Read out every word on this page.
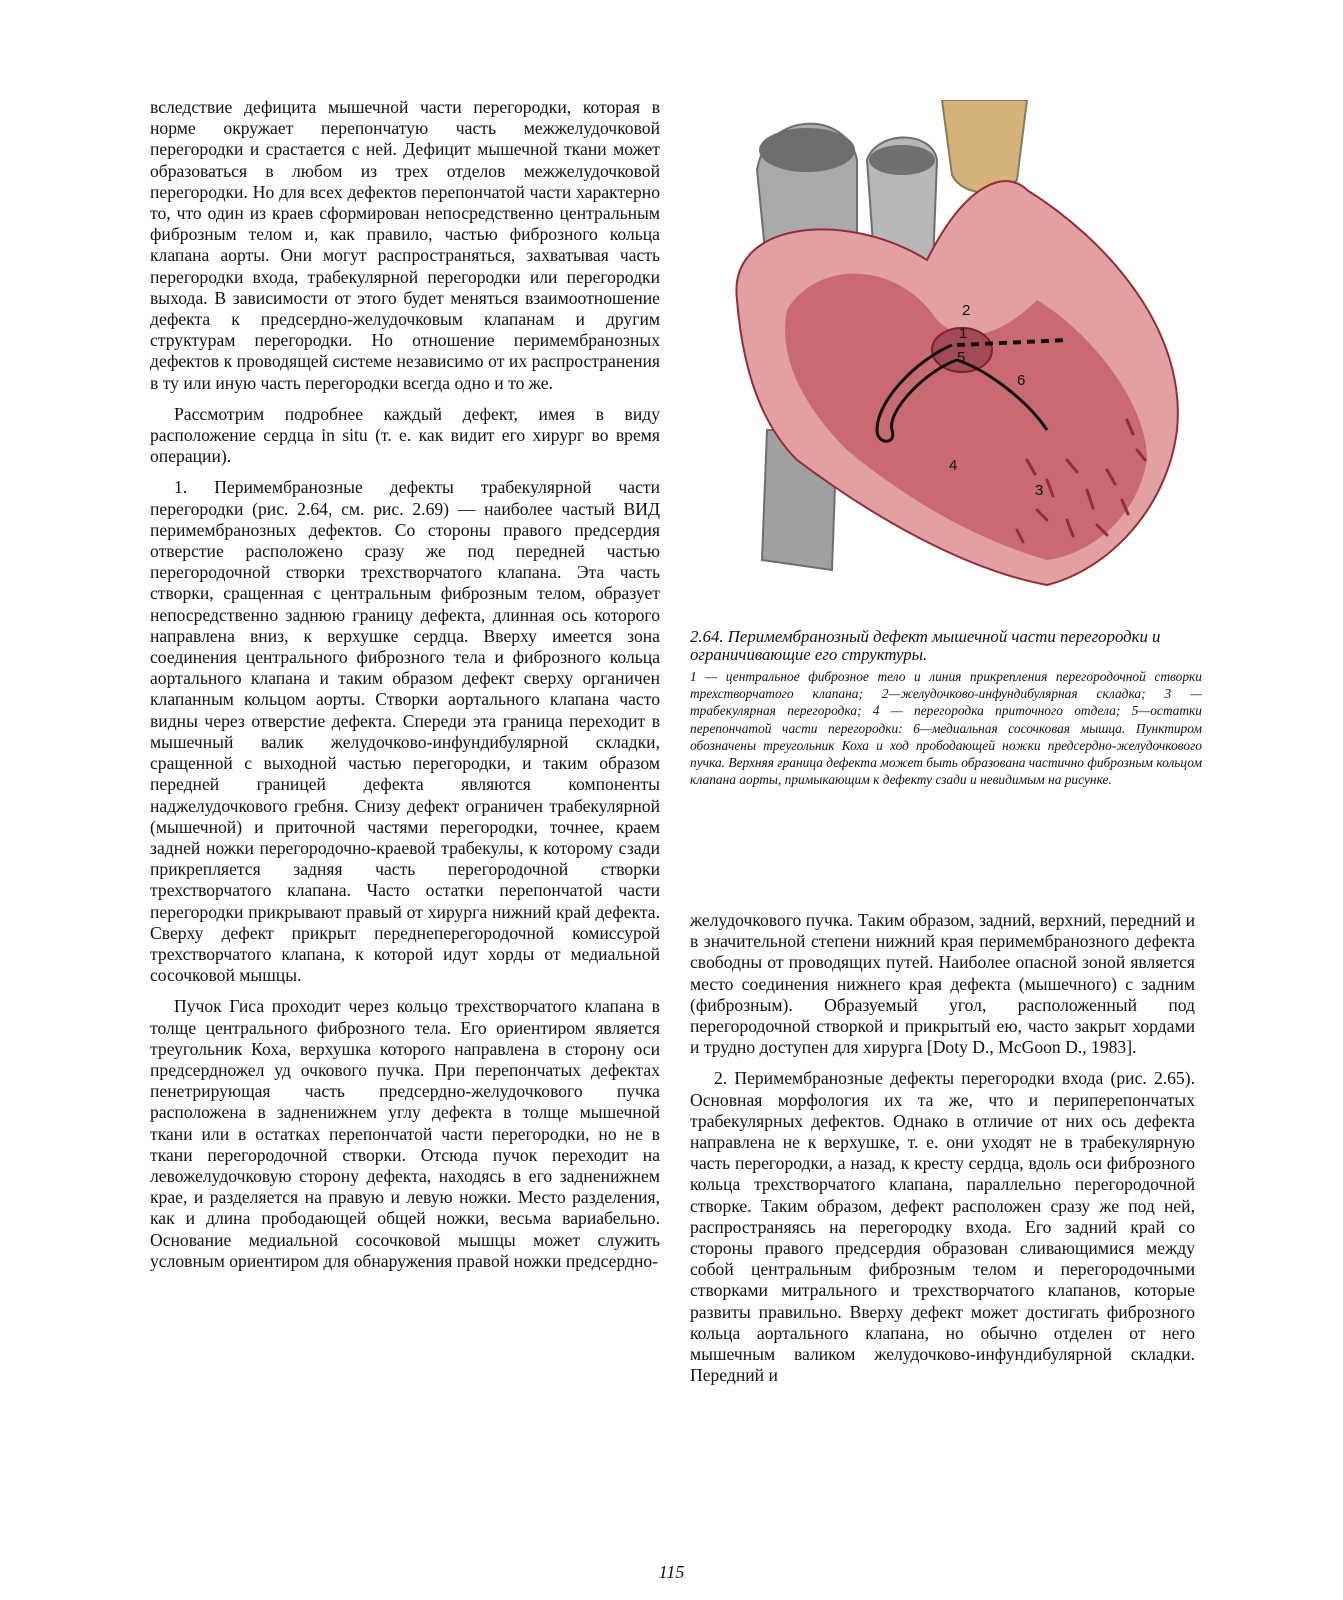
вследствие дефицита мышечной части перегородки, которая в норме окружает перепончатую часть межжелудочковой перегородки и срастается с ней. Дефицит мышечной ткани может образоваться в любом из трех отделов межжелудочковой перегородки. Но для всех дефектов перепончатой части характерно то, что один из краев сформирован непосредственно центральным фиброзным телом и, как правило, частью фиброзного кольца клапана аорты. Они могут распространяться, захватывая часть перегородки входа, трабекулярной перегородки или перегородки выхода. В зависимости от этого будет меняться взаимоотношение дефекта к предсердно-желудочковым клапанам и другим структурам перегородки. Но отношение перимембранозных дефектов к проводящей системе независимо от их распространения в ту или иную часть перегородки всегда одно и то же.

Рассмотрим подробнее каждый дефект, имея в виду расположение сердца in situ (т. е. как видит его хирург во время операции).

1. Перимембранозные дефекты трабекулярной части перегородки (рис. 2.64, см. рис. 2.69) — наиболее частый ВИД перимембранозных дефектов. Со стороны правого предсердия отверстие расположено сразу же под передней частью перегородочной створки трехстворчатого клапана. Эта часть створки, сращенная с центральным фиброзным телом, образует непосредственно заднюю границу дефекта, длинная ось которого направлена вниз, к верхушке сердца. Вверху имеется зона соединения центрального фиброзного тела и фиброзного кольца аортального клапана и таким образом дефект сверху органичен клапанным кольцом аорты. Створки аортального клапана часто видны через отверстие дефекта. Спереди эта граница переходит в мышечный валик желудочково-инфундибулярной складки, сращенной с выходной частью перегородки, и таким образом передней границей дефекта являются компоненты наджелудочкового гребня. Снизу дефект ограничен трабекулярной (мышечной) и приточной частями перегородки, точнее, краем задней ножки перегородочно-краевой трабекулы, к которому сзади прикрепляется задняя часть перегородочной створки трехстворчатого клапана. Часто остатки перепончатой части перегородки прикрывают правый от хирурга нижний край дефекта. Сверху дефект прикрыт переднеперегородочной комиссурой трехстворчатого клапана, к которой идут хорды от медиальной сосочковой мышцы.

Пучок Гиса проходит через кольцо трехстворчатого клапана в толще центрального фиброзного тела. Его ориентиром является треугольник Коха, верхушка которого направлена в сторону оси предсердножел уд очкового пучка. При перепончатых дефектах пенетрирующая часть предсердно-желудочкового пучка расположена в задненижнем углу дефекта в толще мышечной ткани или в остатках перепончатой части перегородки, но не в ткани перегородочной створки. Отсюда пучок переходит на левожелудочковую сторону дефекта, находясь в его задненижнем крае, и разделяется на правую и левую ножки. Место разделения, как и длина прободающей общей ножки, весьма вариабельно. Основание медиальной сосочковой мышцы может служить условным ориентиром для обнаружения правой ножки предсердно-

1
2
3
4
5
6

2.64. Перимембранозный дефект мышечной части перегородки и ограничивающие его структуры.

1 — центральное фиброзное тело и линия прикрепления перегородочной створки трехстворчатого клапана; 2—желудочково-инфундибулярная складка; 3 — трабекулярная перегородка; 4 — перегородка приточного отдела; 5—остатки перепончатой части перегородки: 6—медиальная сосочковая мышца. Пунктиром обозначены треугольник Коха и ход прободающей ножки предсердно-желудочкового пучка. Верхняя граница дефекта может быть образована частично фиброзным кольцом клапана аорты, примыкающим к дефекту сзади и невидимым на рисунке.

желудочкового пучка. Таким образом, задний, верхний, передний и в значительной степени нижний края перимембранозного дефекта свободны от проводящих путей. Наиболее опасной зоной является место соединения нижнего края дефекта (мышечного) с задним (фиброзным). Образуемый угол, расположенный под перегородочной створкой и прикрытый ею, часто закрыт хордами и трудно доступен для хирурга [Doty D., McGoon D., 1983].

2. Перимембранозные дефекты перегородки входа (рис. 2.65). Основная морфология их та же, что и периперепончатых трабекулярных дефектов. Однако в отличие от них ось дефекта направлена не к верхушке, т. е. они уходят не в трабекулярную часть перегородки, а назад, к кресту сердца, вдоль оси фиброзного кольца трехстворчатого клапана, параллельно перегородочной створке. Таким образом, дефект расположен сразу же под ней, распространяясь на перегородку входа. Его задний край со стороны правого предсердия образован сливающимися между собой центральным фиброзным телом и перегородочными створками митрального и трехстворчатого клапанов, которые развиты правильно. Вверху дефект может достигать фиброзного кольца аортального клапана, но обычно отделен от него мышечным валиком желудочково-инфундибулярной складки. Передний и

115
